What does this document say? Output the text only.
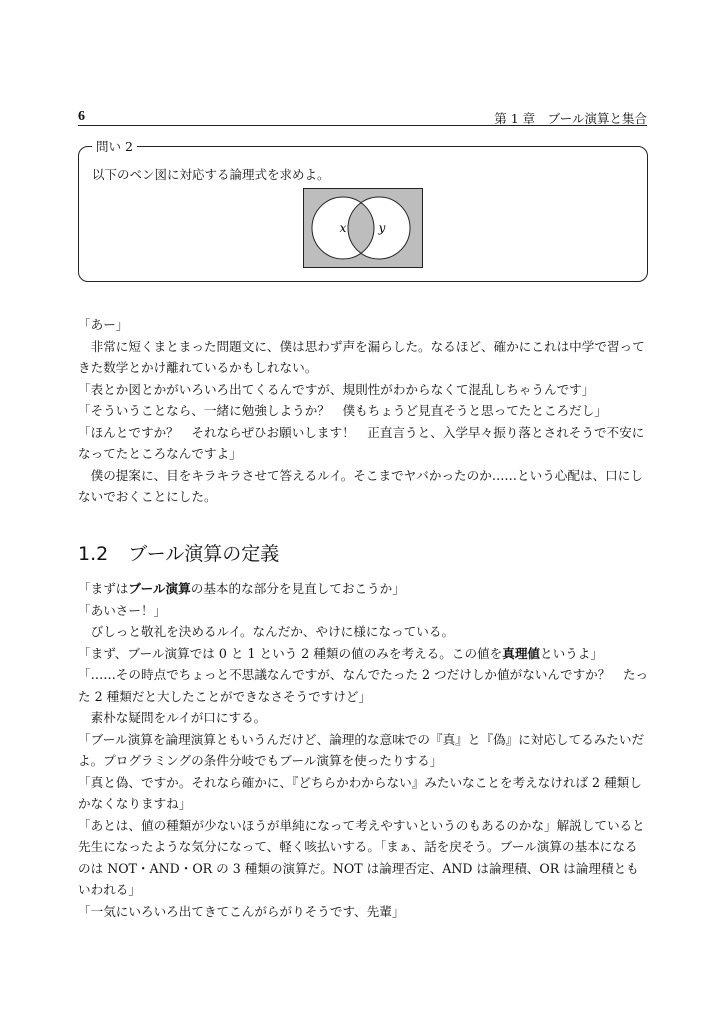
6	第 1 章　ブール演算と集合
問い 2
以下のベン図に対応する論理式を求めよ。
x	y

「あー」

非常に短くまとまった問題文に、僕は思わず声を漏らした。なるほど、確かにこれは中学で習ってきた数学とかけ離れているかもしれない。

「表とか図とかがいろいろ出てくるんですが、規則性がわからなくて混乱しちゃうんです」

「そういうことなら、一緒に勉強しようか？　僕もちょうど見直そうと思ってたところだし」

「ほんとですか？　それならぜひお願いします！　正直言うと、入学早々振り落とされそうで不安になってたところなんですよ」

僕の提案に、目をキラキラさせて答えるルイ。そこまでヤバかったのか……という心配は、口にしないでおくことにした。

1.2 ブール演算の定義

「まずはブール演算の基本的な部分を見直しておこうか」

「あいさー！」

びしっと敬礼を決めるルイ。なんだか、やけに様になっている。

「まず、ブール演算では 0 と 1 という 2 種類の値のみを考える。この値を真理値というよ」

「……その時点でちょっと不思議なんですが、なんでたった 2 つだけしか値がないんですか？　たった 2 種類だと大したことができなさそうですけど」

素朴な疑問をルイが口にする。

「ブール演算を論理演算ともいうんだけど、論理的な意味での『真』と『偽』に対応してるみたいだよ。プログラミングの条件分岐でもブール演算を使ったりする」

「真と偽、ですか。それなら確かに、『どちらかわからない』みたいなことを考えなければ 2 種類しかなくなりますね」

「あとは、値の種類が少ないほうが単純になって考えやすいというのもあるのかな」解説していると先生になったような気分になって、軽く咳払いする。「まぁ、話を戻そう。ブール演算の基本になるのは NOT・AND・OR の 3 種類の演算だ。NOT は論理否定、AND は論理積、OR は論理積ともいわれる」

「一気にいろいろ出てきてこんがらがりそうです、先輩」
